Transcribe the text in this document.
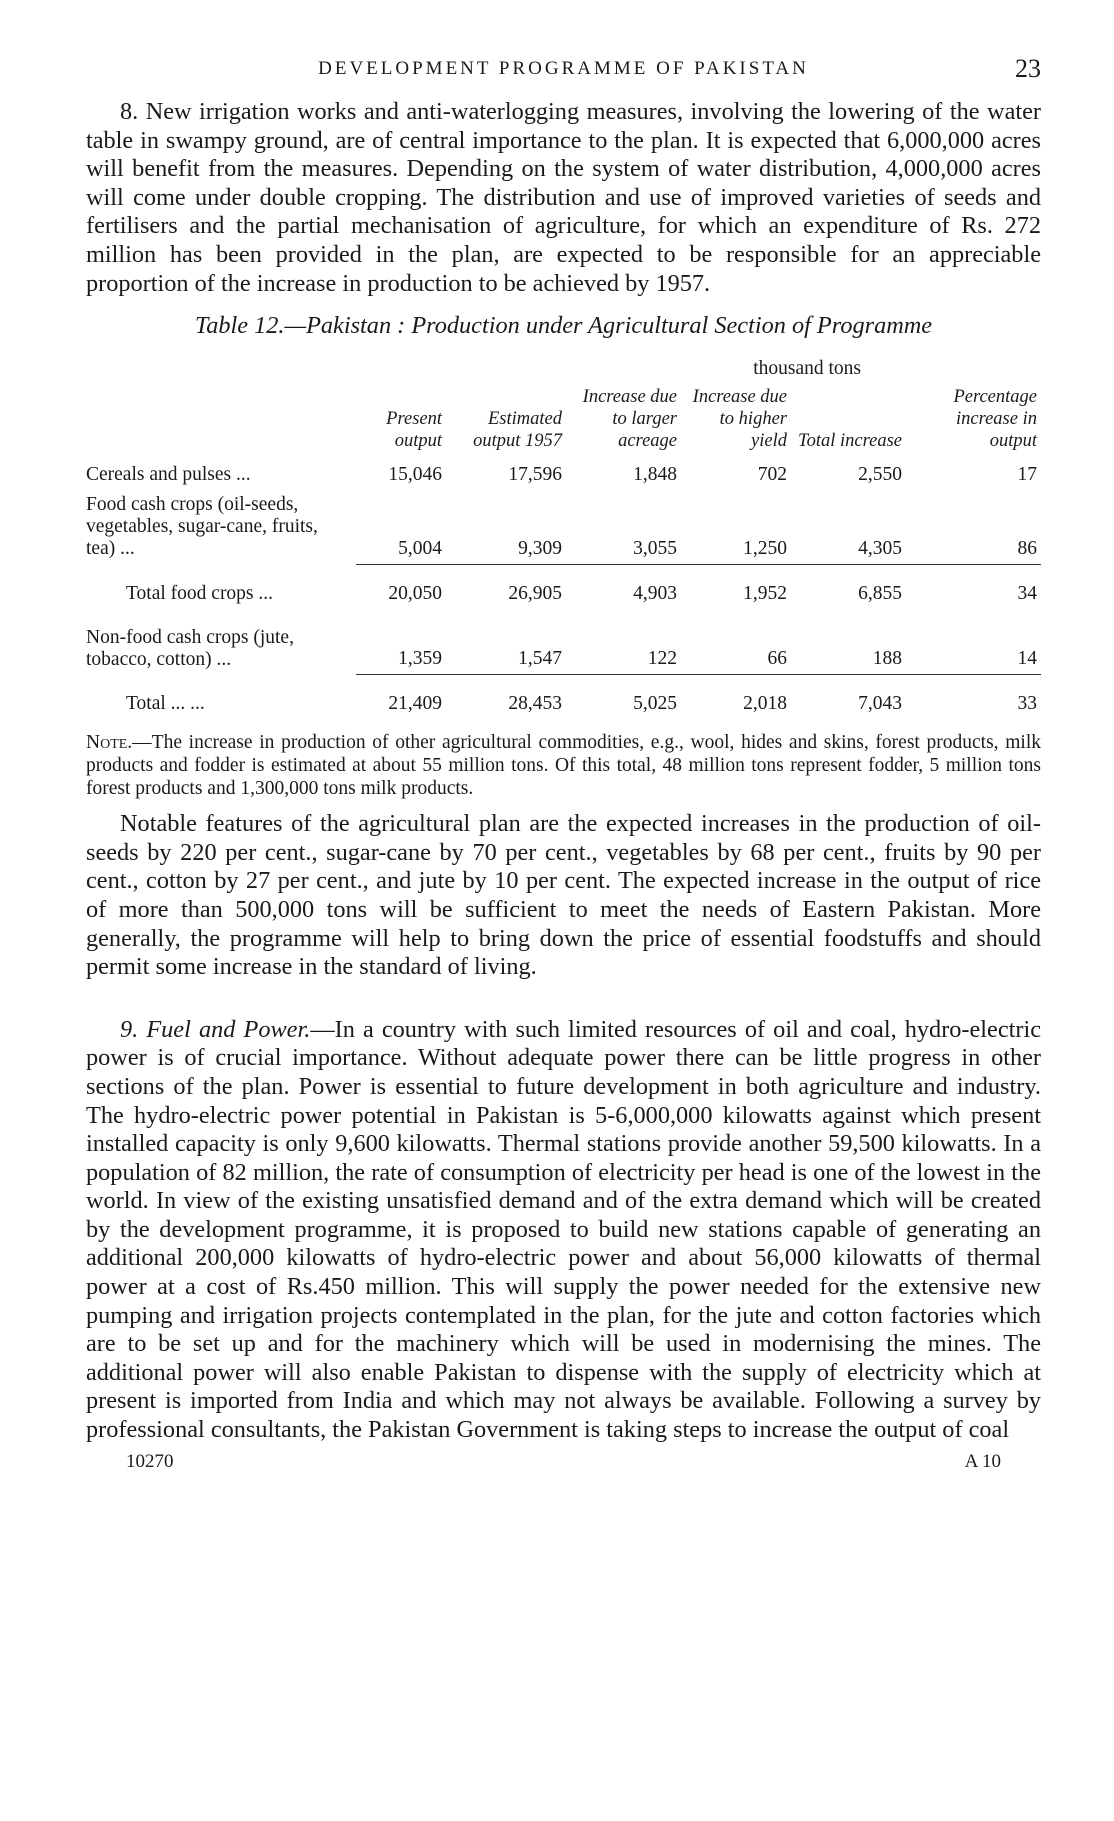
DEVELOPMENT PROGRAMME OF PAKISTAN	23

8. New irrigation works and anti-waterlogging measures, involving the lowering of the water table in swampy ground, are of central importance to the plan. It is expected that 6,000,000 acres will benefit from the measures. Depending on the system of water distribution, 4,000,000 acres will come under double cropping. The distribution and use of improved varieties of seeds and fertilisers and the partial mechanisation of agriculture, for which an expenditure of Rs. 272 million has been provided in the plan, are expected to be responsible for an appreciable proportion of the increase in production to be achieved by 1957.

Table 12.—Pakistan : Production under Agricultural Section of Programme
thousand tons
	Present output	Estimated output 1957	Increase due to larger acreage	Increase due to higher yield	Total increase	Percentage increase in output
Cereals and pulses ...	15,046	17,596	1,848	702	2,550	17
Food cash crops (oil-seeds, vegetables, sugar-cane, fruits, tea) ...	5,004	9,309	3,055	1,250	4,305	86
Total food crops ...	20,050	26,905	4,903	1,952	6,855	34
Non-food cash crops (jute, tobacco, cotton) ...	1,359	1,547	122	66	188	14
Total ... ...	21,409	28,453	5,025	2,018	7,043	33
Note.—The increase in production of other agricultural commodities, e.g., wool, hides and skins, forest products, milk products and fodder is estimated at about 55 million tons. Of this total, 48 million tons represent fodder, 5 million tons forest products and 1,300,000 tons milk products.

Notable features of the agricultural plan are the expected increases in the production of oil-seeds by 220 per cent., sugar-cane by 70 per cent., vegetables by 68 per cent., fruits by 90 per cent., cotton by 27 per cent., and jute by 10 per cent. The expected increase in the output of rice of more than 500,000 tons will be sufficient to meet the needs of Eastern Pakistan. More generally, the programme will help to bring down the price of essential foodstuffs and should permit some increase in the standard of living.

9. Fuel and Power.—In a country with such limited resources of oil and coal, hydro-electric power is of crucial importance. Without adequate power there can be little progress in other sections of the plan. Power is essential to future development in both agriculture and industry. The hydro-electric power potential in Pakistan is 5-6,000,000 kilowatts against which present installed capacity is only 9,600 kilowatts. Thermal stations provide another 59,500 kilowatts. In a population of 82 million, the rate of consumption of electricity per head is one of the lowest in the world. In view of the existing unsatisfied demand and of the extra demand which will be created by the development programme, it is proposed to build new stations capable of generating an additional 200,000 kilowatts of hydro-electric power and about 56,000 kilowatts of thermal power at a cost of Rs.450 million. This will supply the power needed for the extensive new pumping and irrigation projects contemplated in the plan, for the jute and cotton factories which are to be set up and for the machinery which will be used in modernising the mines. The additional power will also enable Pakistan to dispense with the supply of electricity which at present is imported from India and which may not always be available. Following a survey by professional consultants, the Pakistan Government is taking steps to increase the output of coal

10270	A 10
